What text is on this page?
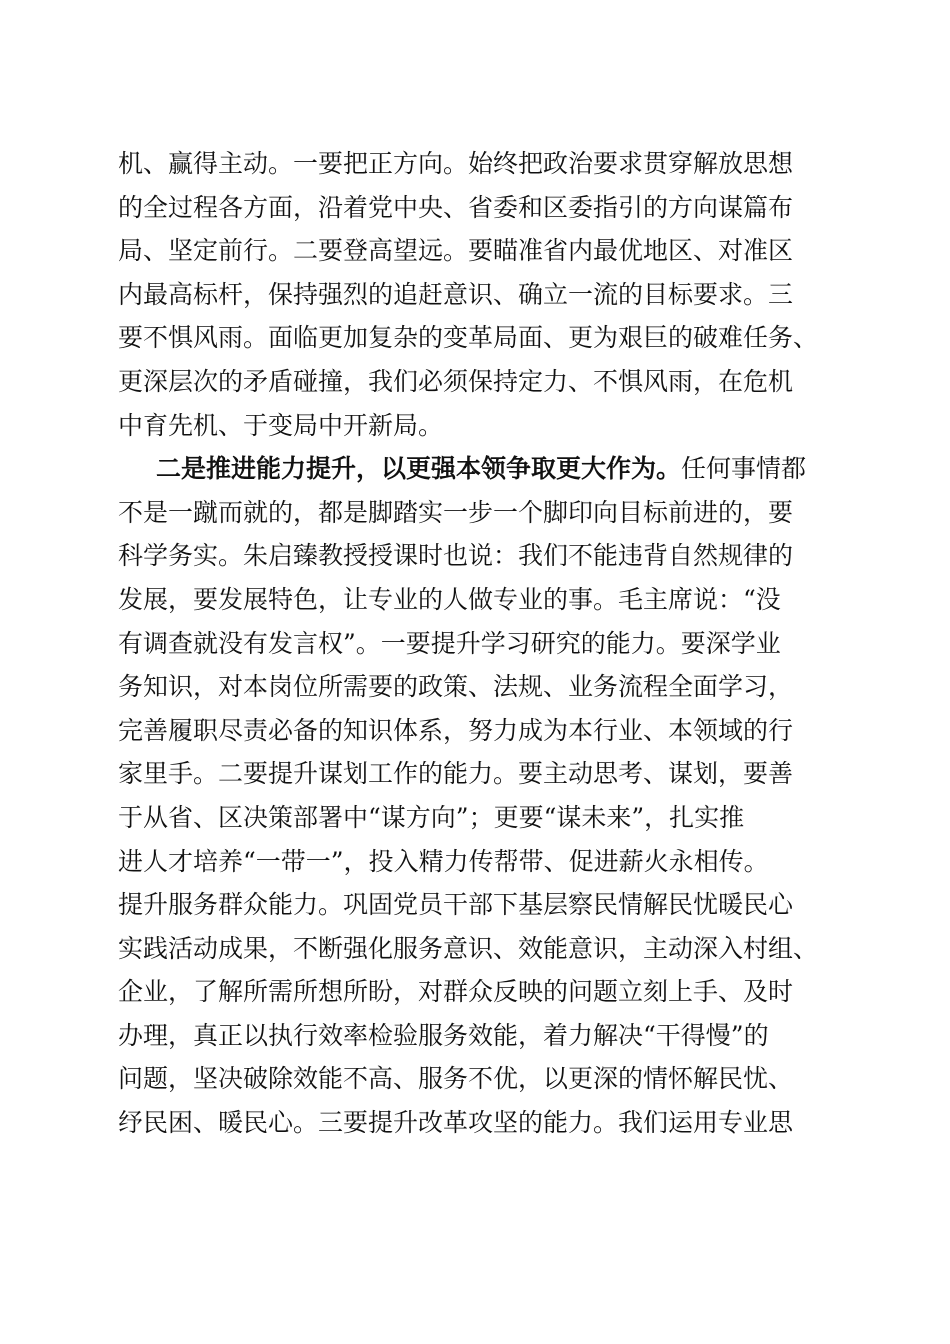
机、赢得主动。一要把正方向。始终把政治要求贯穿解放思想
的全过程各方面，沿着党中央、省委和区委指引的方向谋篇布
局、坚定前行。二要登高望远。要瞄准省内最优地区、对准区
内最高标杆，保持强烈的追赶意识、确立一流的目标要求。三
要不惧风雨。面临更加复杂的变革局面、更为艰巨的破难任务、
更深层次的矛盾碰撞，我们必须保持定力、不惧风雨，在危机
中育先机、于变局中开新局。
二是推进能力提升，以更强本领争取更大作为。任何事情都
不是一蹴而就的，都是脚踏实一步一个脚印向目标前进的，要
科学务实。朱启臻教授授课时也说：我们不能违背自然规律的
发展，要发展特色，让专业的人做专业的事。毛主席说：“没
有调查就没有发言权”。一要提升学习研究的能力。要深学业
务知识，对本岗位所需要的政策、法规、业务流程全面学习，
完善履职尽责必备的知识体系，努力成为本行业、本领域的行
家里手。二要提升谋划工作的能力。要主动思考、谋划，要善
于从省、区决策部署中“谋方向”；更要“谋未来”，扎实推
进人才培养“一带一”，投入精力传帮带、促进薪火永相传。
提升服务群众能力。巩固党员干部下基层察民情解民忧暖民心
实践活动成果，不断强化服务意识、效能意识，主动深入村组、
企业，了解所需所想所盼，对群众反映的问题立刻上手、及时
办理，真正以执行效率检验服务效能，着力解决“干得慢”的
问题，坚决破除效能不高、服务不优，以更深的情怀解民忧、
纾民困、暖民心。三要提升改革攻坚的能力。我们运用专业思
